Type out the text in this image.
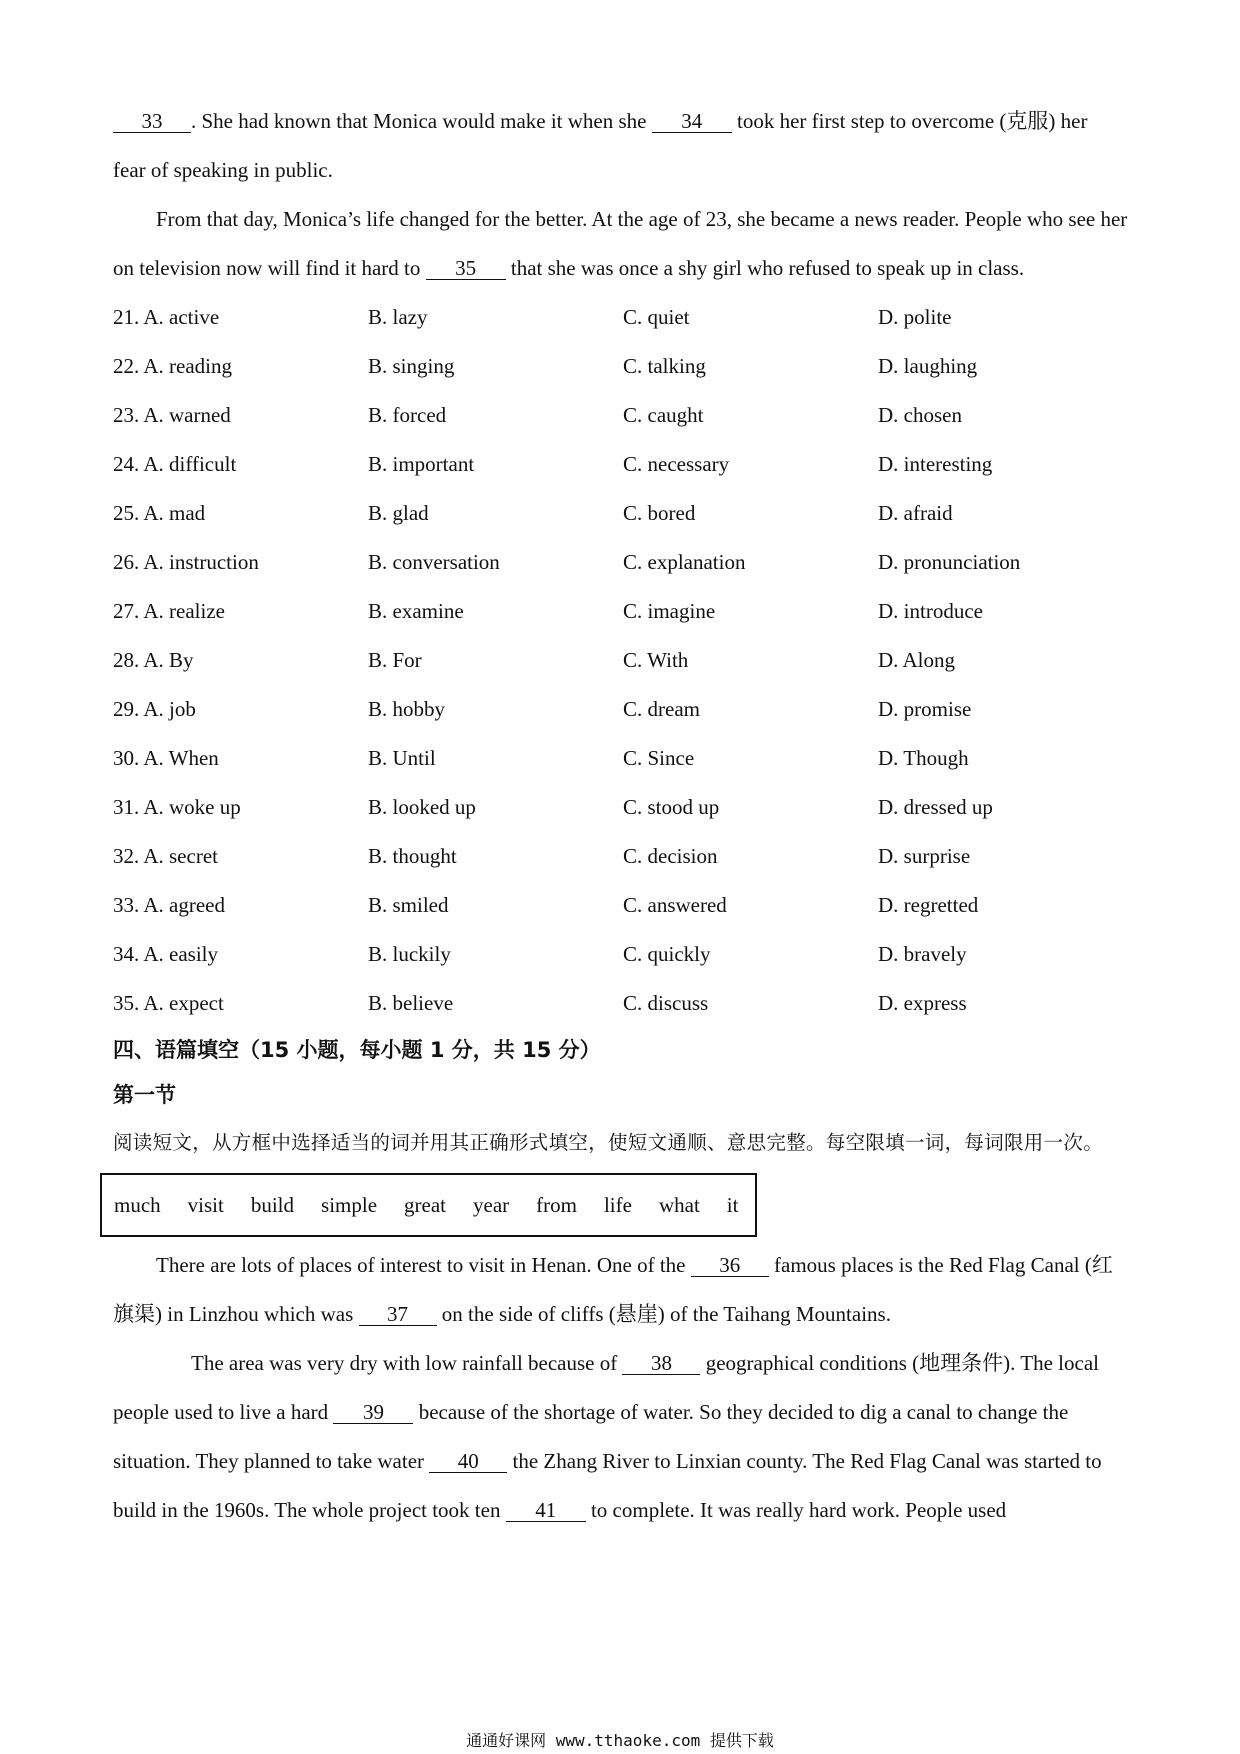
33 . She had known that Monica would make it when she 34 took her first step to overcome (克服) her

fear of speaking in public.

From that day, Monica’s life changed for the better. At the age of 23, she became a news reader. People who see her on television now will find it hard to 35 that she was once a shy girl who refused to speak up in class.

21. A. active	B. lazy	C. quiet	D. polite
22. A. reading	B. singing	C. talking	D. laughing
23. A. warned	B. forced	C. caught	D. chosen
24. A. difficult	B. important	C. necessary	D. interesting
25. A. mad	B. glad	C. bored	D. afraid
26. A. instruction	B. conversation	C. explanation	D. pronunciation
27. A. realize	B. examine	C. imagine	D. introduce
28. A. By	B. For	C. With	D. Along
29. A. job	B. hobby	C. dream	D. promise
30. A. When	B. Until	C. Since	D. Though
31. A. woke up	B. looked up	C. stood up	D. dressed up
32. A. secret	B. thought	C. decision	D. surprise
33. A. agreed	B. smiled	C. answered	D. regretted
34. A. easily	B. luckily	C. quickly	D. bravely
35. A. expect	B. believe	C. discuss	D. express

四、语篇填空（15 小题，每小题 1 分，共 15 分）

第一节

阅读短文，从方框中选择适当的词并用其正确形式填空，使短文通顺、意思完整。每空限填一词，每词限用一次。

much visit build simple great year from life what it

There are lots of places of interest to visit in Henan. One of the 36 famous places is the Red Flag Canal (红旗渠) in Linzhou which was 37 on the side of cliffs (悬崖) of the Taihang Mountains.

The area was very dry with low rainfall because of 38 geographical conditions (地理条件). The local people used to live a hard 39 because of the shortage of water. So they decided to dig a canal to change the situation. They planned to take water 40 the Zhang River to Linxian county. The Red Flag Canal was started to build in the 1960s. The whole project took ten 41 to complete. It was really hard work. People used

通通好课网 www.tthaoke.com 提供下载
